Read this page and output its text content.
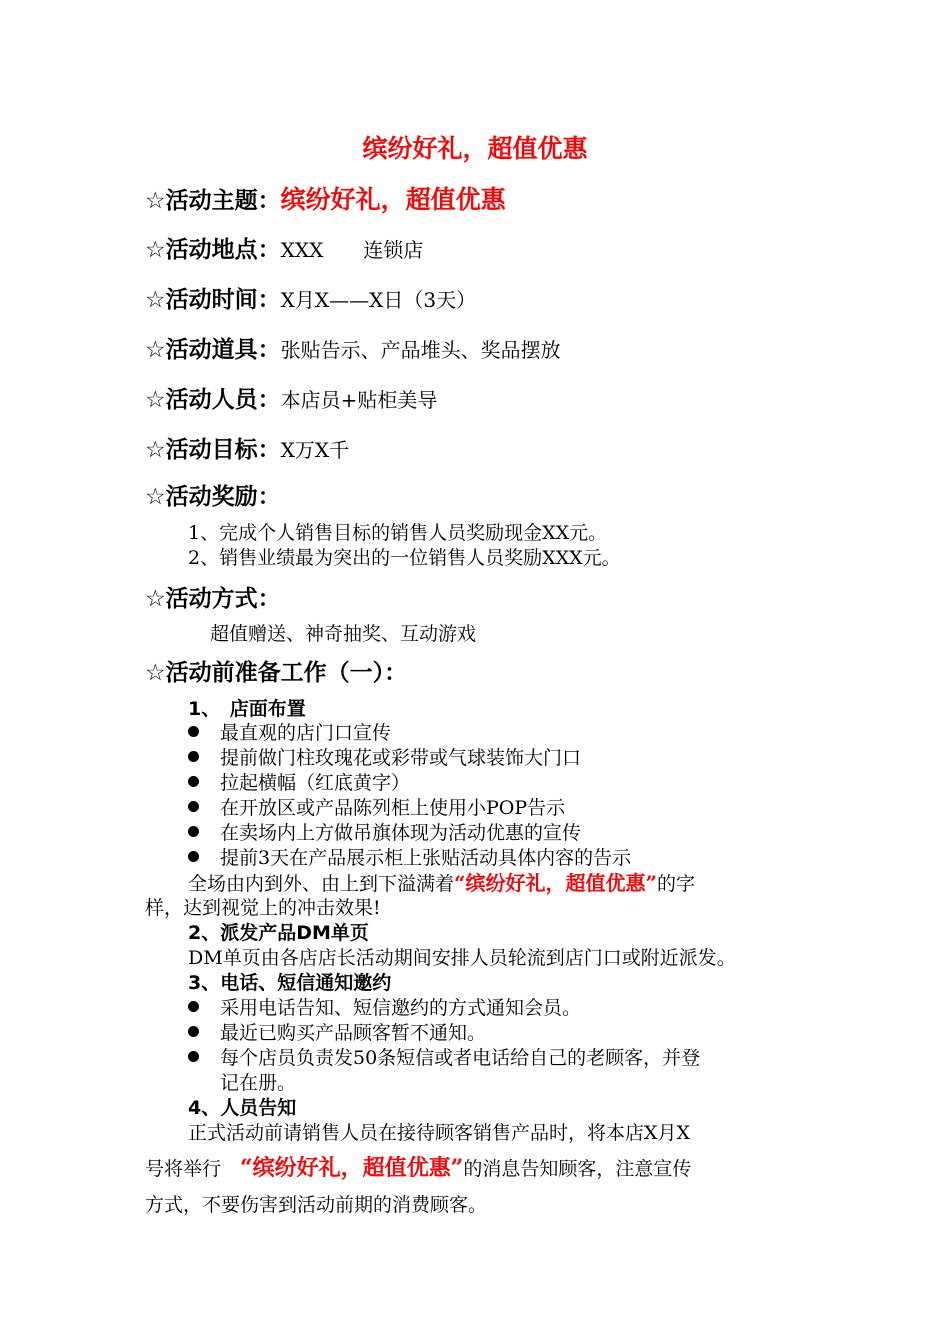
缤纷好礼，超值优惠
☆活动主题：缤纷好礼，超值优惠
☆活动地点：XXX　　连锁店
☆活动时间：X月X——X日（3天）
☆活动道具：张贴告示、产品堆头、奖品摆放
☆活动人员：本店员+贴柜美导
☆活动目标：X万X千
☆活动奖励：
1、完成个人销售目标的销售人员奖励现金XX元。
2、销售业绩最为突出的一位销售人员奖励XXX元。
☆活动方式：
超值赠送、神奇抽奖、互动游戏
☆活动前准备工作（一）：
1、　店面布置
最直观的店门口宣传
提前做门柱玫瑰花或彩带或气球装饰大门口
拉起横幅（红底黄字）
在开放区或产品陈列柜上使用小POP告示
在卖场内上方做吊旗体现为活动优惠的宣传
提前3天在产品展示柜上张贴活动具体内容的告示
全场由内到外、由上到下溢满着“缤纷好礼，超值优惠”的字
样，达到视觉上的冲击效果!
2、派发产品DM单页
DM单页由各店店长活动期间安排人员轮流到店门口或附近派发。
3、电话、短信通知邀约
采用电话告知、短信邀约的方式通知会员。
最近已购买产品顾客暂不通知。
每个店员负责发50条短信或者电话给自己的老顾客，并登
记在册。
4、人员告知
正式活动前请销售人员在接待顾客销售产品时，将本店X月X
号将举行　“缤纷好礼，超值优惠”的消息告知顾客，注意宣传
方式，不要伤害到活动前期的消费顾客。
